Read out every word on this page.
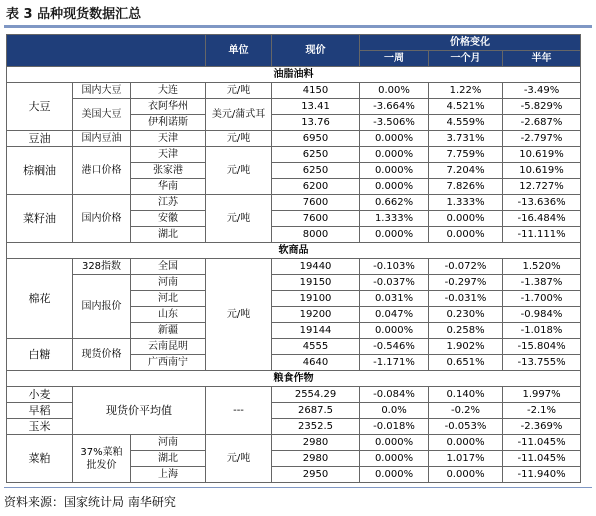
表 3 品种现货数据汇总
			单位	现价	价格变化		
					一周	一个月	半年
油脂油料							
大豆	国内大豆	大连	元/吨	4150	0.00%	1.22%	-3.49%
	美国大豆	衣阿华州	美元/蒲式耳	13.41	-3.664%	4.521%	-5.829%
		伊利诺斯		13.76	-3.506%	4.559%	-2.687%
豆油	国内豆油	天津	元/吨	6950	0.000%	3.731%	-2.797%
棕榈油	港口价格	天津	元/吨	6250	0.000%	7.759%	10.619%
		张家港		6250	0.000%	7.204%	10.619%
		华南		6200	0.000%	7.826%	12.727%
菜籽油	国内价格	江苏	元/吨	7600	0.662%	1.333%	-13.636%
		安徽		7600	1.333%	0.000%	-16.484%
		湖北		8000	0.000%	0.000%	-11.111%
软商品							
棉花	328指数	全国	元/吨	19440	-0.103%	-0.072%	1.520%
	国内报价	河南		19150	-0.037%	-0.297%	-1.387%
		河北		19100	0.031%	-0.031%	-1.700%
		山东		19200	0.047%	0.230%	-0.984%
		新疆		19144	0.000%	0.258%	-1.018%
白糖	现货价格	云南昆明		4555	-0.546%	1.902%	-15.804%
		广西南宁		4640	-1.171%	0.651%	-13.755%
粮食作物							
小麦	现货价平均值		---	2554.29	-0.084%	0.140%	1.997%
早稻				2687.5	0.0%	-0.2%	-2.1%
玉米				2352.5	-0.018%	-0.053%	-2.369%
菜粕	37%菜粕批发价	河南	元/吨	2980	0.000%	0.000%	-11.045%
		湖北		2980	0.000%	1.017%	-11.045%
		上海		2950	0.000%	0.000%	-11.940%
资料来源：国家统计局 南华研究
